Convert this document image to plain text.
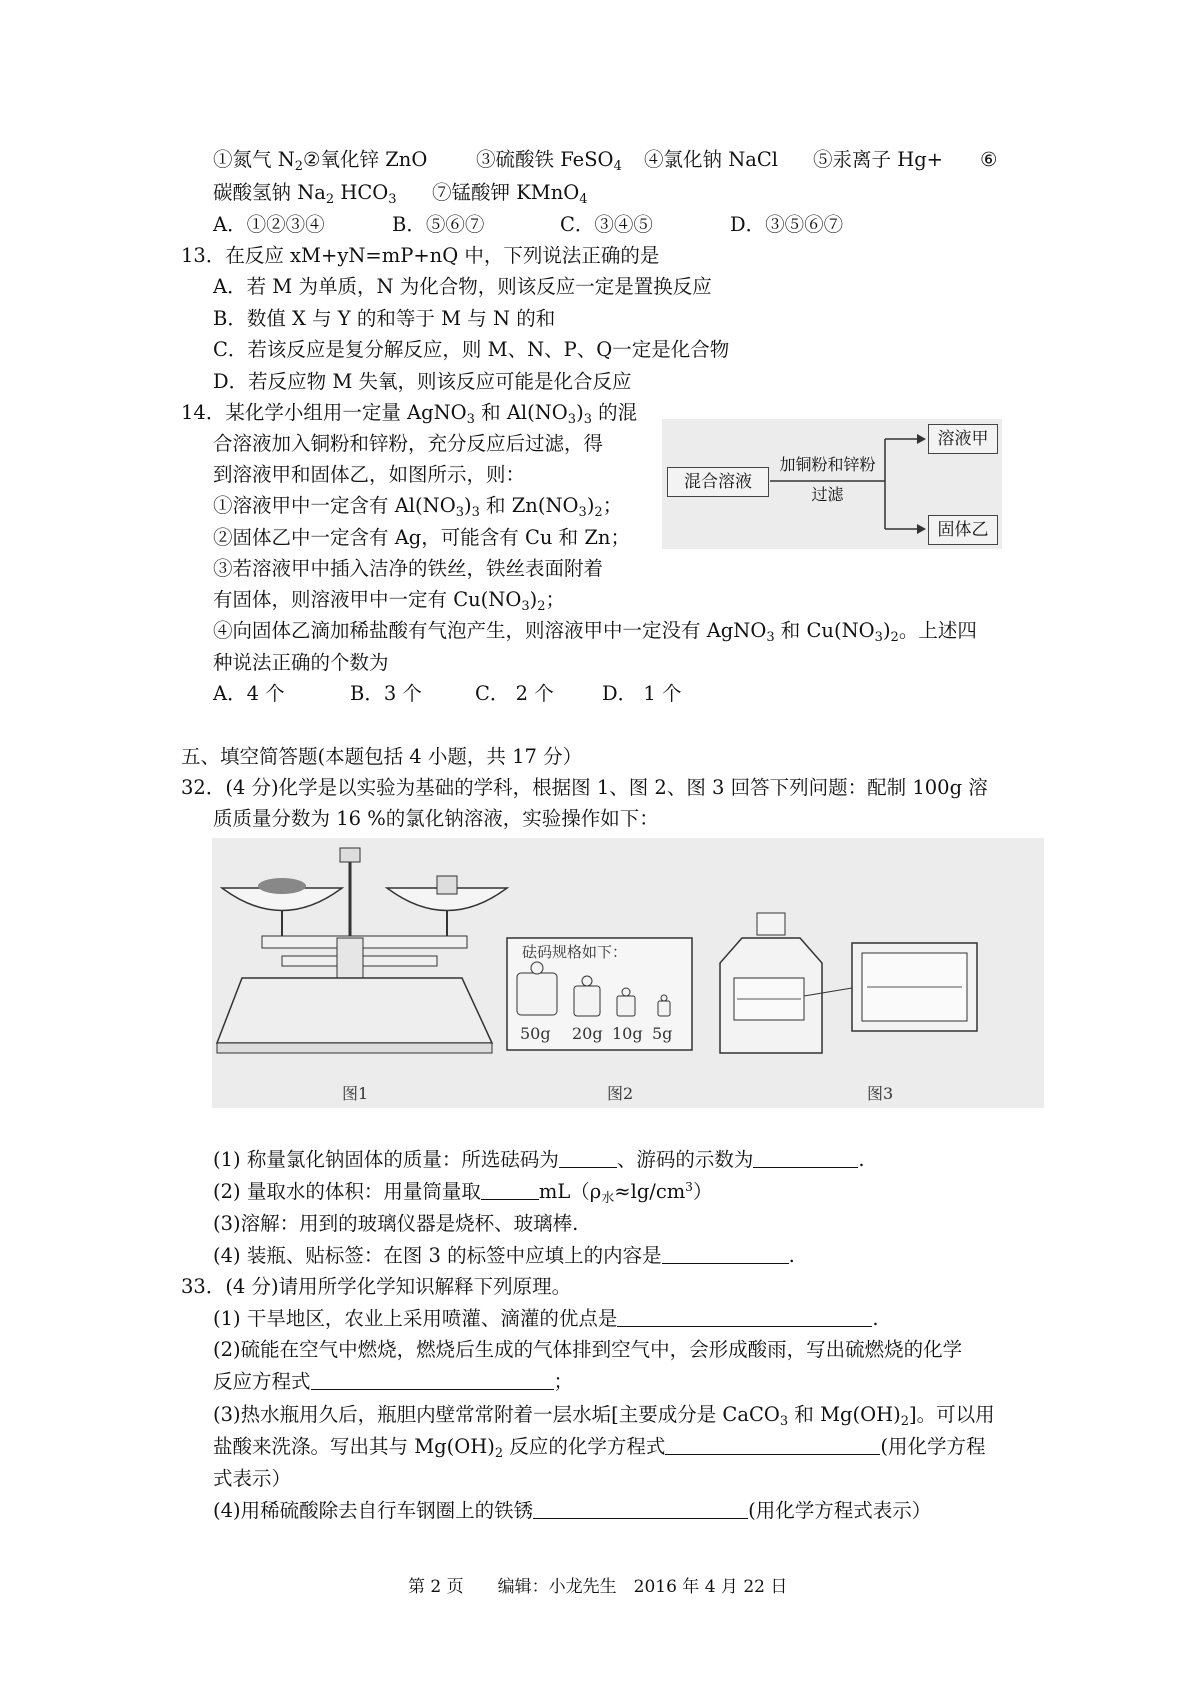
①氮气 $N_2②$氧化锌 ZnO ③硫酸铁 FeSO$_4$ ④氯化钠 NaCl ⑤汞离子 Hg+ ⑥
碳酸氢钠 $Na_2$ $HCO_3$ ⑦锰酸钾 KMnO$_4$
A．①②③④	B．⑤⑥⑦	C．③④⑤	D．③⑤⑥⑦
13．在反应 xM+yN=mP+nQ 中，下列说法正确的是
A．若 M 为单质，N 为化合物，则该反应一定是置换反应
B．数值 X 与 Y 的和等于 M 与 N 的和
C．若该反应是复分解反应，则 M、N、P、Q一定是化合物
D．若反应物 M 失氧，则该反应可能是化合反应
14．某化学小组用一定量 AgNO$_3$ 和 $Al(NO_3)_3$ 的混
合溶液加入铜粉和锌粉，充分反应后过滤，得
到溶液甲和固体乙，如图所示，则：
①溶液甲中一定含有 $Al(NO_3)_3$ 和 $Zn(NO_3)_2$；
②固体乙中一定含有 Ag，可能含有 Cu 和 Zn；
③若溶液甲中插入洁净的铁丝，铁丝表面附着
有固体，则溶液甲中一定有 $Cu(NO_3)_2$；
④向固体乙滴加稀盐酸有气泡产生，则溶液甲中一定没有 AgNO$_3$ 和 $Cu(NO_3)_2$。上述四
种说法正确的个数为
A．4 个	B．3 个	C． 2 个 D． 1 个
混合溶液
加铜粉和锌粉
过滤
溶液甲
固体乙
五、填空简答题(本题包括 4 小题，共 17 分）
32．(4 分)化学是以实验为基础的学科，根据图 1、图 2、图 3 回答下列问题：配制 100g 溶
质质量分数为 16 %的氯化钠溶液，实验操作如下：
砝码规格如下：
50g 20g 10g 5g
图1	图2	图3
(1) 称量氯化钠固体的质量：所选砝码为	、游码的示数为	.
(2) 量取水的体积：用量筒量取	$mL(\rho_水\approx\lg/cm^3)$
(3)溶解：用到的玻璃仪器是烧杯、玻璃棒.
(4) 装瓶、贴标签：在图 3 的标签中应填上的内容是	.
33．(4 分)请用所学化学知识解释下列原理。
(1) 干旱地区，农业上采用喷灌、滴灌的优点是	.
(2)硫能在空气中燃烧，燃烧后生成的气体排到空气中，会形成酸雨，写出硫燃烧的化学
反应方程式	；
(3)热水瓶用久后，瓶胆内壁常常附着一层水垢[主要成分是 CaCO$_3$ 和 $Mg(OH)_2$]。可以用
盐酸来洗涤。写出其与 $Mg(OH)_2$ 反应的化学方程式	(用化学方程
式表示）
(4)用稀硫酸除去自行车钢圈上的铁锈	(用化学方程式表示）
第 2 页　　编辑：小龙先生　2016 年 4 月 22 日
